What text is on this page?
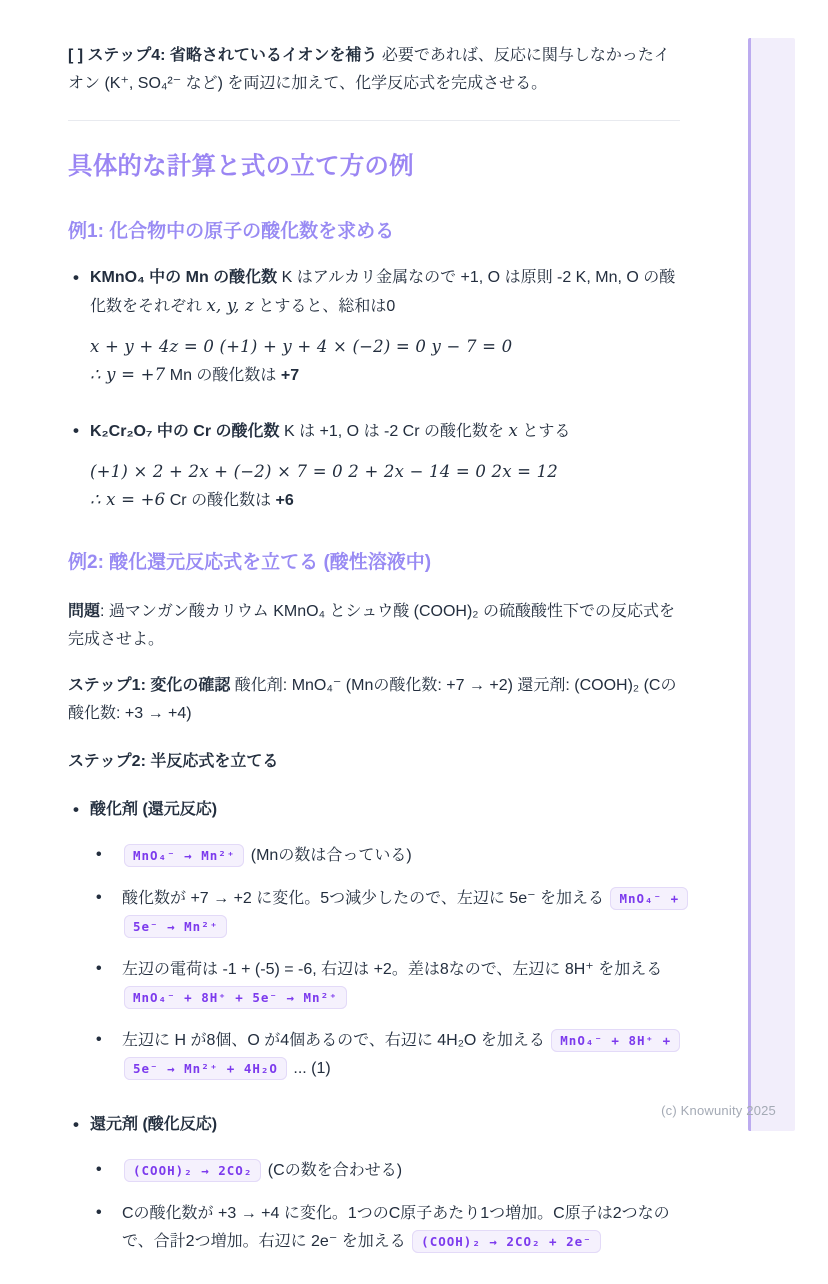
[ ] ステップ4: 省略されているイオンを補う 必要であれば、反応に関与しなかったイオン (K⁺, SO₄²⁻ など) を両辺に加えて、化学反応式を完成させる。

具体的な計算と式の立て方の例
例1: 化合物中の原子の酸化数を求める

• KMnO₄ 中の Mn の酸化数 K はアルカリ金属なので +1, O は原則 -2 K, Mn, O の酸化数をそれぞれ x, y, z とすると、総和は0

x + y + 4z = 0 (+1) + y + 4 × (−2) = 0 y − 7 = 0
∴ y = +7 Mn の酸化数は +7

• K₂Cr₂O₇ 中の Cr の酸化数 K は +1, O は -2 Cr の酸化数を x とする

(+1) × 2 + 2x + (−2) × 7 = 0 2 + 2x − 14 = 0 2x = 12
∴ x = +6 Cr の酸化数は +6
例2: 酸化還元反応式を立てる (酸性溶液中)

問題: 過マンガン酸カリウム KMnO₄ とシュウ酸 (COOH)₂ の硫酸酸性下での反応式を完成させよ。

ステップ1: 変化の確認 酸化剤: MnO₄⁻ (Mnの酸化数: +7 → +2) 還元剤: (COOH)₂ (Cの酸化数: +3 → +4)

ステップ2: 半反応式を立てる

• 酸化剤 (還元反応)

• MnO₄⁻ → Mn²⁺ (Mnの数は合っている)
• 酸化数が +7 → +2 に変化。5つ減少したので、左辺に 5e⁻ を加える MnO₄⁻ + 5e⁻ → Mn²⁺
• 左辺の電荷は -1 + (-5) = -6, 右辺は +2。差は8なので、左辺に 8H⁺ を加える MnO₄⁻ + 8H⁺ + 5e⁻ → Mn²⁺
• 左辺に H が8個、O が4個あるので、右辺に 4H₂O を加える MnO₄⁻ + 8H⁺ + 5e⁻ → Mn²⁺ + 4H₂O ... (1)

• 還元剤 (酸化反応)

• (COOH)₂ → 2CO₂ (Cの数を合わせる)
• Cの酸化数が +3 → +4 に変化。1つのC原子あたり1つ増加。C原子は2つなので、合計2つ増加。右辺に 2e⁻ を加える (COOH)₂ → 2CO₂ + 2e⁻
(c) Knowunity 2025
